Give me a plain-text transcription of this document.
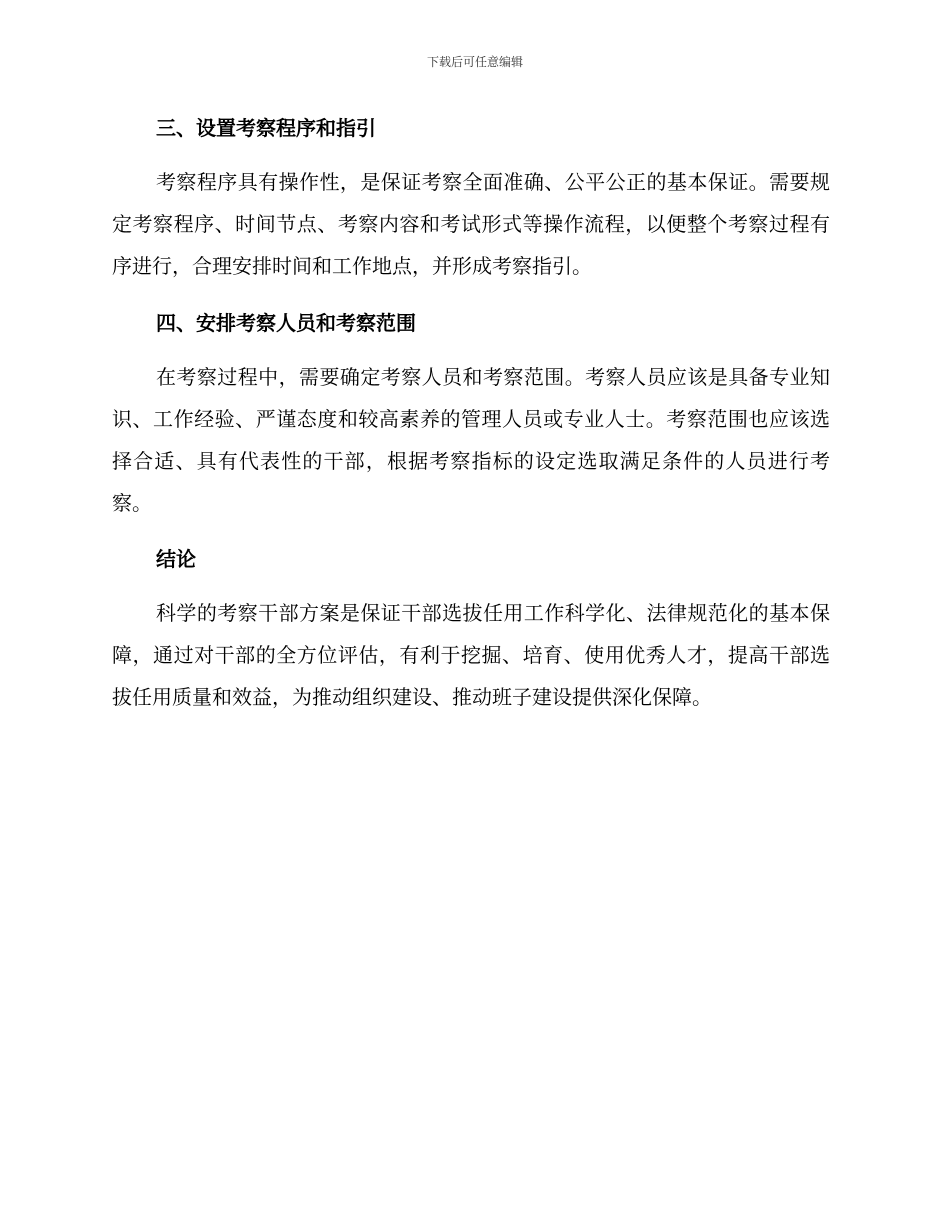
下载后可任意编辑
三、设置考察程序和指引

考察程序具有操作性，是保证考察全面准确、公平公正的基本保证。需要规定考察程序、时间节点、考察内容和考试形式等操作流程，以便整个考察过程有序进行，合理安排时间和工作地点，并形成考察指引。

四、安排考察人员和考察范围

在考察过程中，需要确定考察人员和考察范围。考察人员应该是具备专业知识、工作经验、严谨态度和较高素养的管理人员或专业人士。考察范围也应该选择合适、具有代表性的干部，根据考察指标的设定选取满足条件的人员进行考察。

结论

科学的考察干部方案是保证干部选拔任用工作科学化、法律规范化的基本保障，通过对干部的全方位评估，有利于挖掘、培育、使用优秀人才，提高干部选拔任用质量和效益，为推动组织建设、推动班子建设提供深化保障。
